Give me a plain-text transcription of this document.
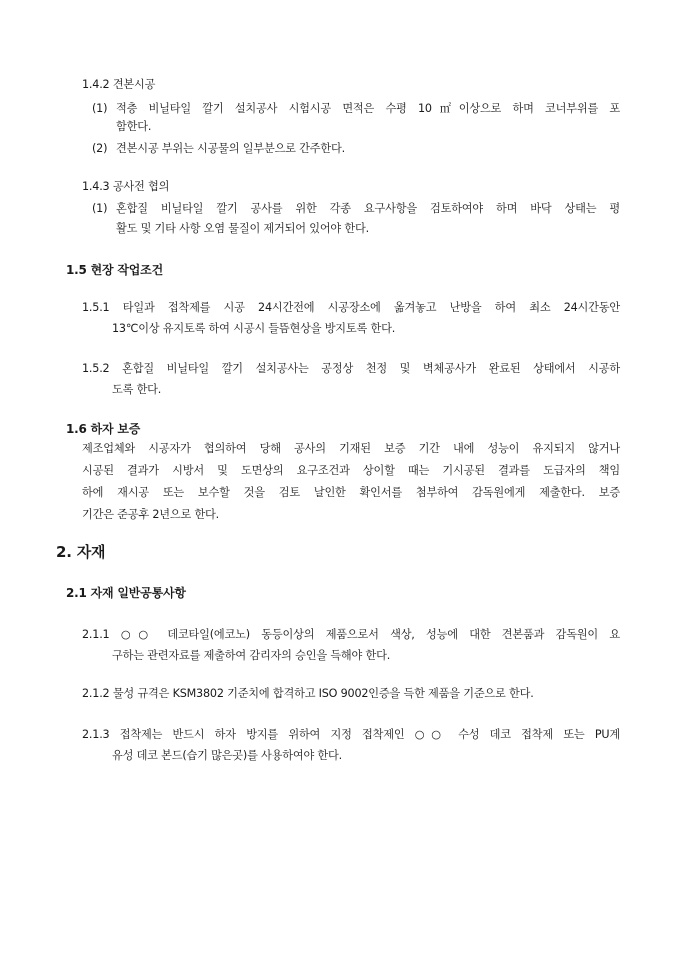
1.4.2 견본시공
(1) 적층 비닐타일 깔기 설치공사 시험시공 면적은 수평 10㎡이상으로 하며 코너부위를 포
함한다.
(2) 견본시공 부위는 시공물의 일부분으로 간주한다.
1.4.3 공사전 협의
(1) 혼합질 비닐타일 깔기 공사를 위한 각종 요구사항을 검토하여야 하며 바닥 상태는 평
활도 및 기타 사항 오염 물질이 제거되어 있어야 한다.
1.5 현장 작업조건
1.5.1 타일과 접착제를 시공 24시간전에 시공장소에 옮겨놓고 난방을 하여 최소 24시간동안
13℃이상 유지토록 하여 시공시 들뜸현상을 방지토록 한다.
1.5.2 혼합질 비닐타일 깔기 설치공사는 공정상 천정 및 벽체공사가 완료된 상태에서 시공하
도록 한다.
1.6 하자 보증
제조업체와 시공자가 협의하여 당해 공사의 기재된 보증 기간 내에 성능이 유지되지 않거나
시공된 결과가 시방서 및 도면상의 요구조건과 상이할 때는 기시공된 결과를 도급자의 책임
하에 재시공 또는 보수할 것을 검토 날인한 확인서를 첨부하여 감독원에게 제출한다. 보증
기간은 준공후 2년으로 한다.
2. 자재
2.1 자재 일반공통사항
2.1.1 ○○ 데코타일(에코노) 동등이상의 제품으로서 색상, 성능에 대한 견본품과 감독원이 요
구하는 관련자료를 제출하여 감리자의 승인을 득해야 한다.
2.1.2 물성 규격은 KSM3802 기준치에 합격하고 ISO 9002인증을 득한 제품을 기준으로 한다.
2.1.3 접착제는 반드시 하자 방지를 위하여 지정 접착제인 ○○ 수성 데코 접착제 또는 PU계
유성 데코 본드(습기 많은곳)를 사용하여야 한다.
